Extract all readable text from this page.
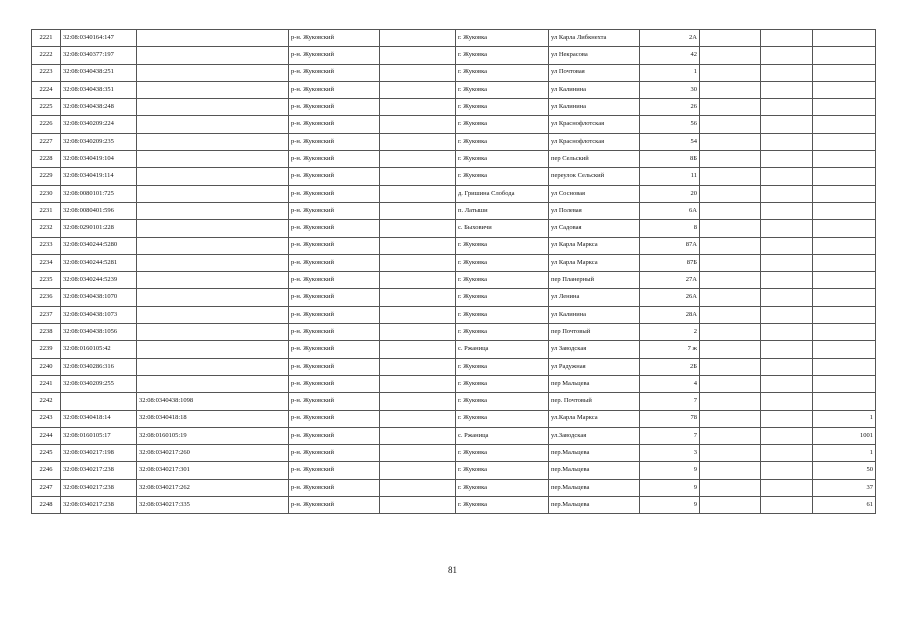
2221	32:08:0340164:147		р-н. Жуковский		г. Жуковка	ул Карла Либкнехта	2А			
2222	32:08:0340377:197		р-н. Жуковский		г. Жуковка	ул Некрасова	42			
2223	32:08:0340438:251		р-н. Жуковский		г. Жуковка	ул Почтовая	1			
2224	32:08:0340438:351		р-н. Жуковский		г. Жуковка	ул Калинина	30			
2225	32:08:0340438:248		р-н. Жуковский		г. Жуковка	ул Калинина	26			
2226	32:08:0340209:224		р-н. Жуковский		г. Жуковка	ул Краснофлотская	56			
2227	32:08:0340209:235		р-н. Жуковский		г. Жуковка	ул Краснофлотская	54			
2228	32:08:0340419:104		р-н. Жуковский		г. Жуковка	пер Сельский	8Б			
2229	32:08:0340419:114		р-н. Жуковский		г. Жуковка	переулок Сельский	11			
2230	32:08:0080101:725		р-н. Жуковский		д. Гришина Слобода	ул Сосновая	20			
2231	32:08:0080401:596		р-н. Жуковский		п. Латыши	ул Полевая	6А			
2232	32:08:0290101:228		р-н. Жуковский		с. Быховичи	ул Садовая	8			
2233	32:08:0340244:5280		р-н. Жуковский		г. Жуковка	ул Карла Маркса	87А			
2234	32:08:0340244:5281		р-н. Жуковский		г. Жуковка	ул Карла Маркса	87Б			
2235	32:08:0340244:5239		р-н. Жуковский		г. Жуковка	пер Планерный	27А			
2236	32:08:0340438:1070		р-н. Жуковский		г. Жуковка	ул Ленина	26А			
2237	32:08:0340438:1073		р-н. Жуковский		г. Жуковка	ул Калинина	28А			
2238	32:08:0340438:1056		р-н. Жуковский		г. Жуковка	пер Почтовый	2			
2239	32:08:0160105:42		р-н. Жуковский		с. Ржаница	ул Заводская	7 ж			
2240	32:08:0340286:316		р-н. Жуковский		г. Жуковка	ул Радужная	2Б			
2241	32:08:0340209:255		р-н. Жуковский		г. Жуковка	пер Мальцева	4			
2242		32:08:0340438:1098	р-н. Жуковский		г. Жуковка	пер. Почтовый	7			
2243	32:08:0340418:14	32:08:0340418:18	р-н. Жуковский		г. Жуковка	ул.Карла Маркса	78			1
2244	32:08:0160105:17	32:08:0160105:19	р-н. Жуковский		с. Ржаница	ул.Заводская	7			1001
2245	32:08:0340217:198	32:08:0340217:260	р-н. Жуковский		г. Жуковка	пер.Мальцева	3			1
2246	32:08:0340217:238	32:08:0340217:301	р-н. Жуковский		г. Жуковка	пер.Мальцева	9			50
2247	32:08:0340217:238	32:08:0340217:262	р-н. Жуковский		г. Жуковка	пер.Мальцева	9			37
2248	32:08:0340217:238	32:08:0340217:335	р-н. Жуковский		г. Жуковка	пер.Мальцева	9			61
81
